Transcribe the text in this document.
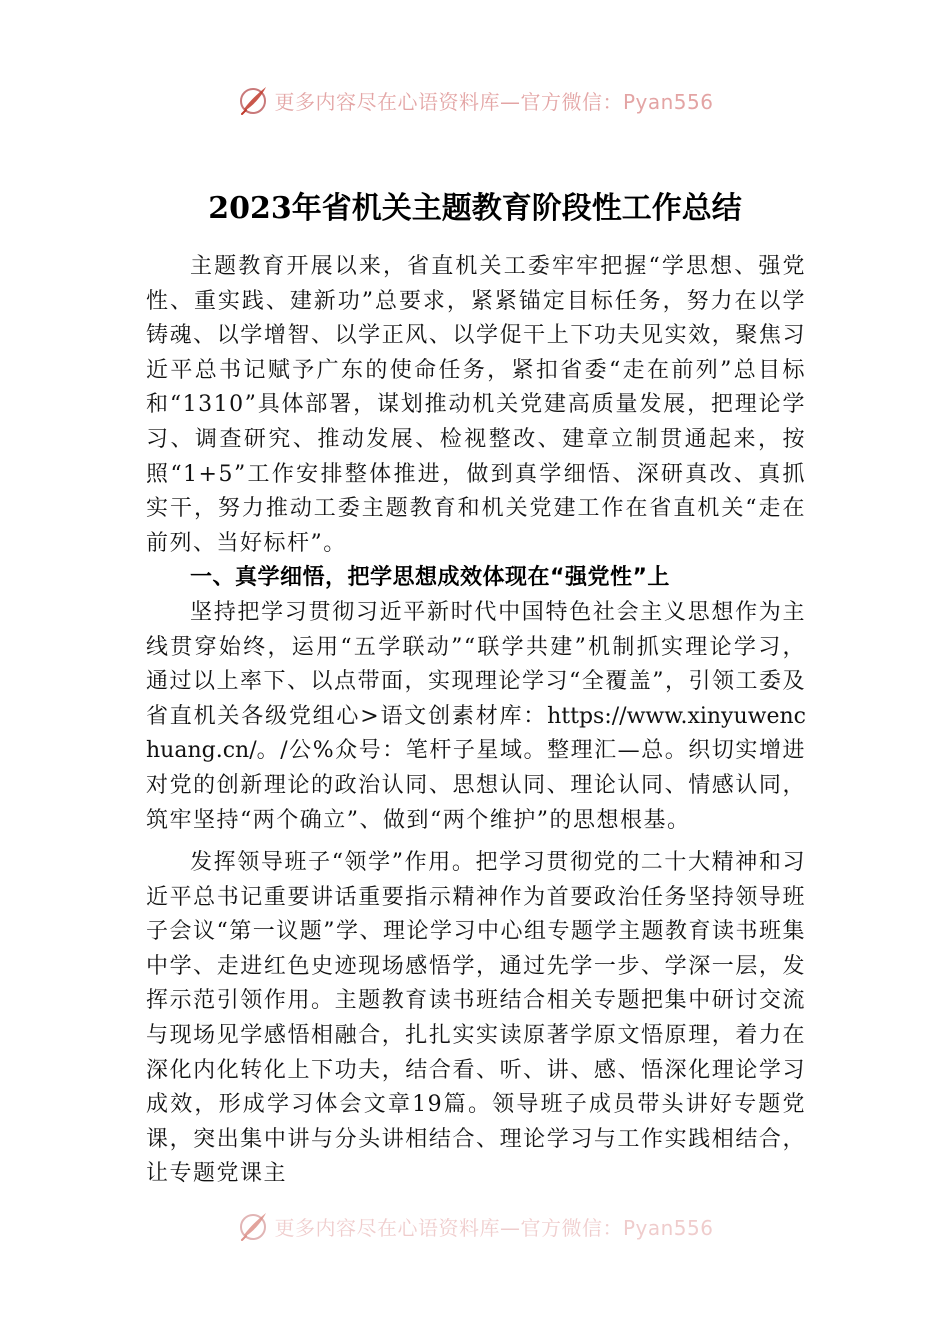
更多内容尽在心语资料库—官方微信：Pyan556
2023年省机关主题教育阶段性工作总结

主题教育开展以来，省直机关工委牢牢把握“学思想、强党性、重实践、建新功”总要求，紧紧锚定目标任务，努力在以学铸魂、以学增智、以学正风、以学促干上下功夫见实效，聚焦习近平总书记赋予广东的使命任务，紧扣省委“走在前列”总目标和“1310”具体部署，谋划推动机关党建高质量发展，把理论学习、调查研究、推动发展、检视整改、建章立制贯通起来，按照“1+5”工作安排整体推进，做到真学细悟、深研真改、真抓实干，努力推动工委主题教育和机关党建工作在省直机关“走在前列、当好标杆”。

一、真学细悟，把学思想成效体现在“强党性”上

坚持把学习贯彻习近平新时代中国特色社会主义思想作为主线贯穿始终，运用“五学联动”“联学共建”机制抓实理论学习，通过以上率下、以点带面，实现理论学习“全覆盖”，引领工委及省直机关各级党组心>语文创素材库：https://www.xinyuwenchuang.cn/。/公%众号：笔杆子星域。整理汇—总。织切实增进对党的创新理论的政治认同、思想认同、理论认同、情感认同，筑牢坚持“两个确立”、做到“两个维护”的思想根基。

发挥领导班子“领学”作用。把学习贯彻党的二十大精神和习近平总书记重要讲话重要指示精神作为首要政治任务坚持领导班子会议“第一议题”学、理论学习中心组专题学主题教育读书班集中学、走进红色史迹现场感悟学，通过先学一步、学深一层，发挥示范引领作用。主题教育读书班结合相关专题把集中研讨交流与现场见学感悟相融合，扎扎实实读原著学原文悟原理，着力在深化内化转化上下功夫，结合看、听、讲、感、悟深化理论学习成效，形成学习体会文章19篇。领导班子成员带头讲好专题党课，突出集中讲与分头讲相结合、理论学习与工作实践相结合，让专题党课主

更多内容尽在心语资料库—官方微信：Pyan556
